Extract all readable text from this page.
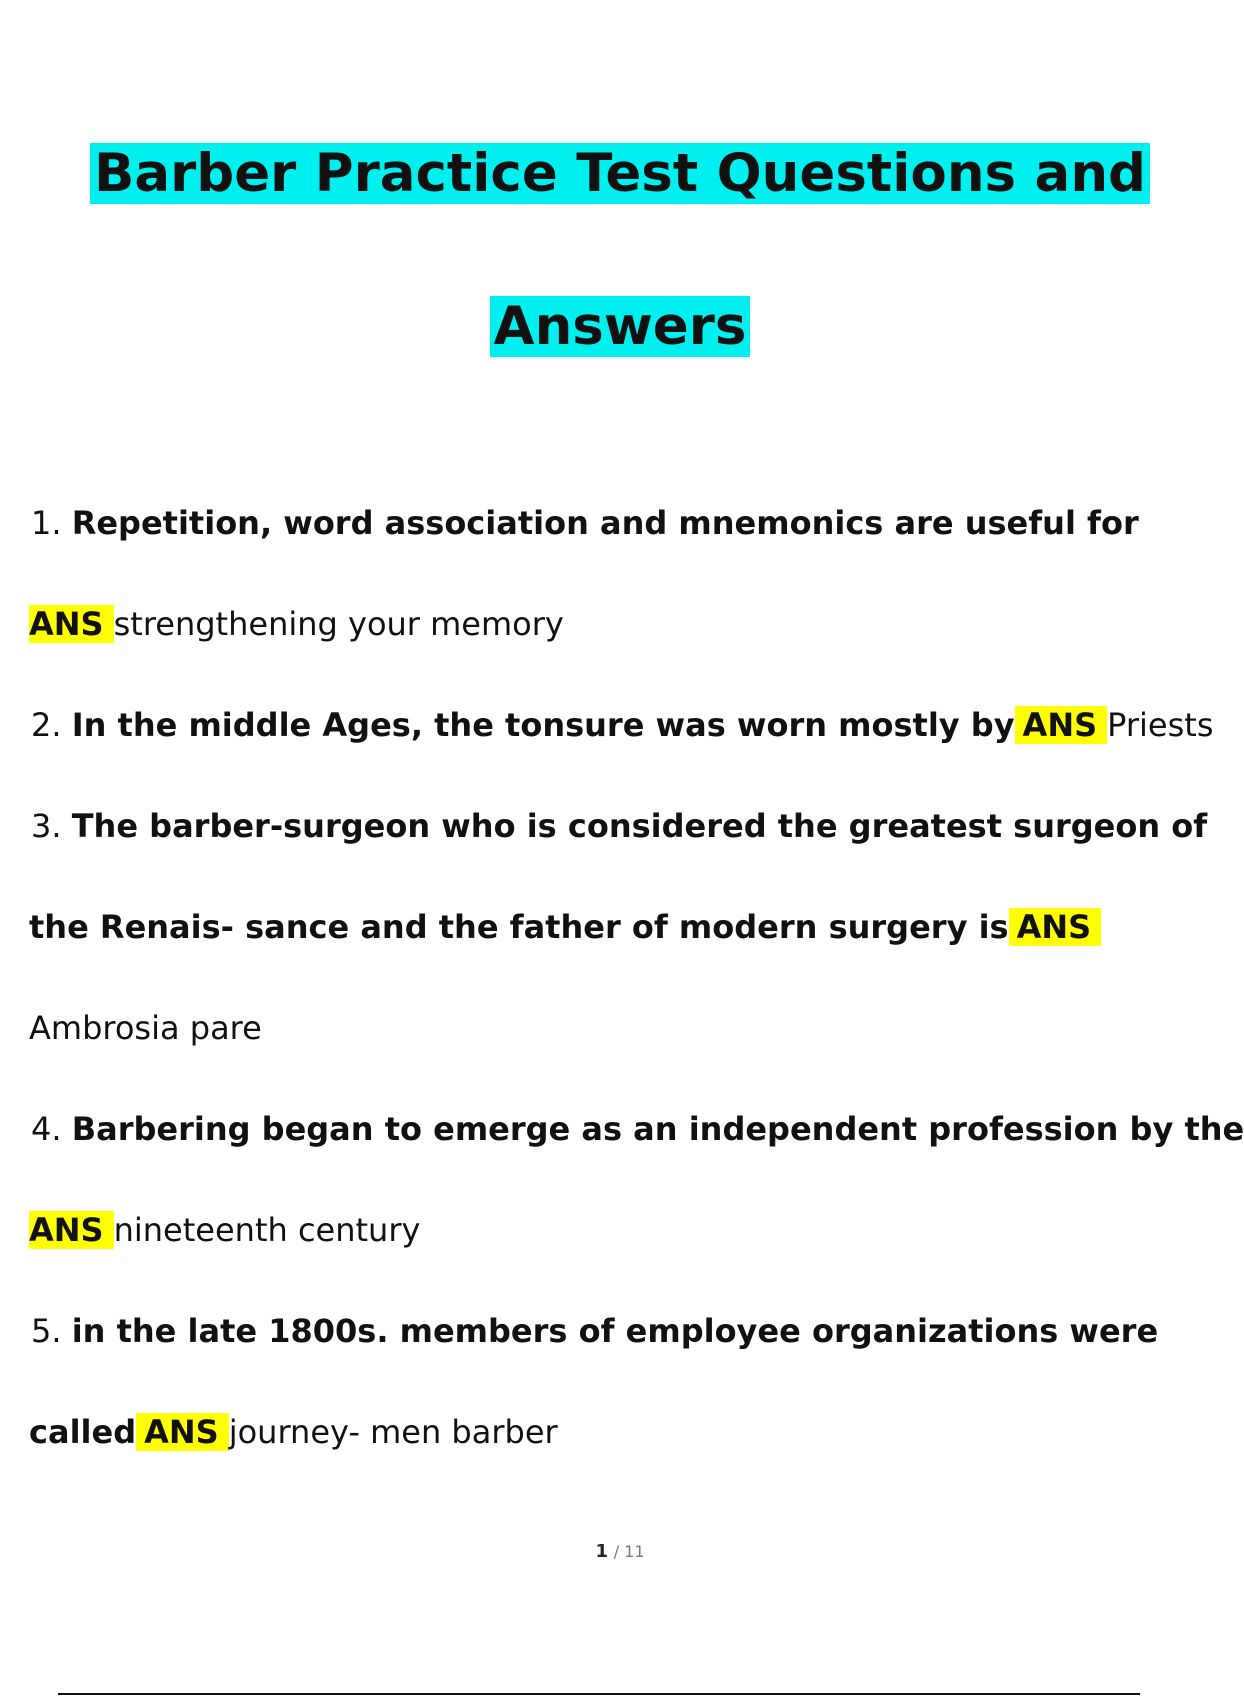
Barber Practice Test Questions and
Answers
1. Repetition, word association and mnemonics are useful for
ANS strengthening your memory
2. In the middle Ages, the tonsure was worn mostly by ANS Priests
3. The barber-surgeon who is considered the greatest surgeon of
the Renais- sance and the father of modern surgery is ANS
Ambrosia pare
4. Barbering began to emerge as an independent profession by the
ANS nineteenth century
5. in the late 1800s. members of employee organizations were
called ANS journey- men barber
1 / 11
